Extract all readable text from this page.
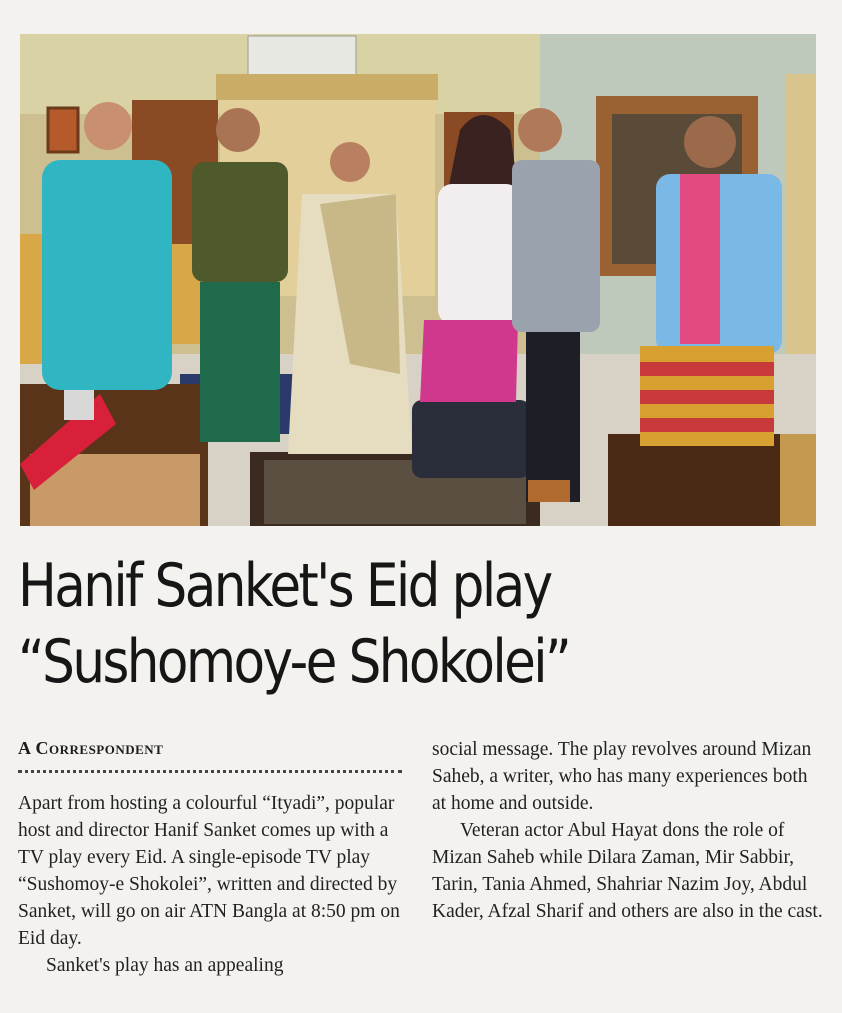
Hanif Sanket's Eid play
“Sushomoy-e Shokolei”
A Correspondent

Apart from hosting a colourful “Ityadi”, popular host and director Hanif Sanket comes up with a TV play every Eid. A single-episode TV play “Sushomoy-e Shokolei”, written and directed by Sanket, will go on air ATN Bangla at 8:50 pm on Eid day.

Sanket's play has an appealing

social message. The play revolves around Mizan Saheb, a writer, who has many experiences both at home and outside.

Veteran actor Abul Hayat dons the role of Mizan Saheb while Dilara Zaman, Mir Sabbir, Tarin, Tania Ahmed, Shahriar Nazim Joy, Abdul Kader, Afzal Sharif and others are also in the cast.
